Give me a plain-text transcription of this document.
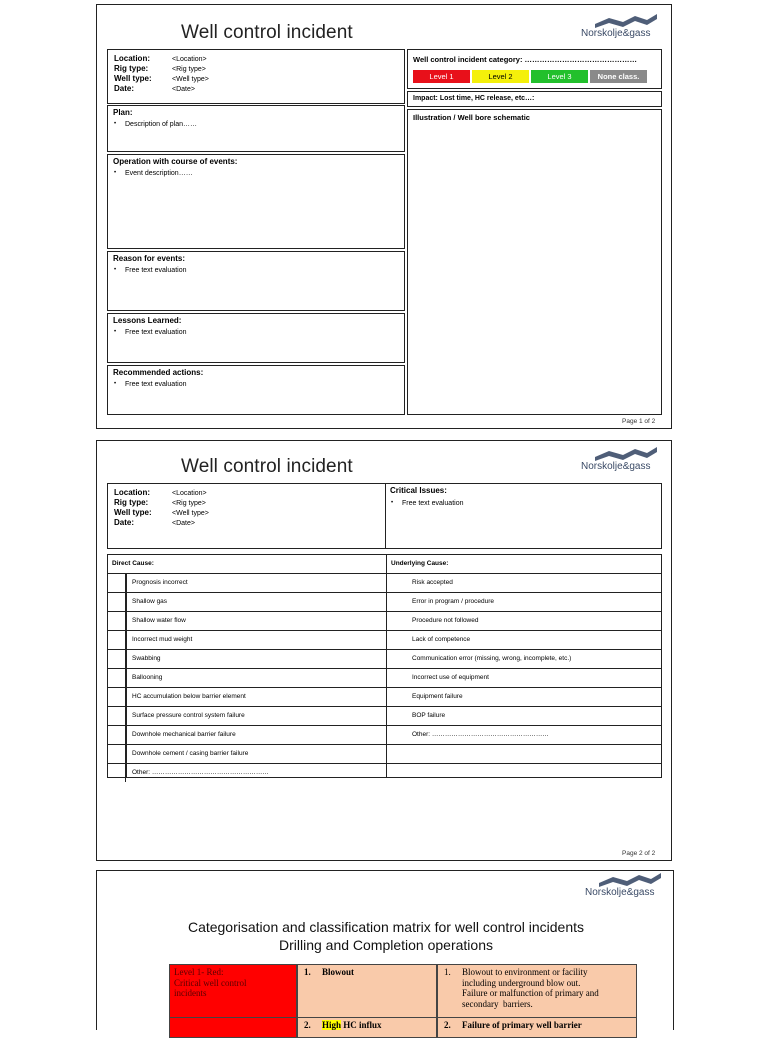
Well control incident	Norskolje&gass
Location:	<Location>
Rig type:	<Rig type>
Well type:	<Well type>
Date:	<Date>
Well control incident category: ………………………………………
Level 1	Level 2	Level 3	None class.
Impact: Lost time, HC release, etc…:
Illustration / Well bore schematic
Plan:
• Description of plan……
Operation with course of events:
• Event description……
Reason for events:
• Free text evaluation
Lessons Learned:
• Free text evaluation
Recommended actions:
• Free text evaluation
Page 1 of 2
Well control incident	Norskolje&gass
Location:	<Location>
Rig type:	<Rig type>
Well type:	<Well type>
Date:	<Date>
Critical Issues:
• Free text evaluation
Direct Cause:	Underlying Cause:
Prognosis incorrect	Risk accepted
Shallow gas	Error in program / procedure
Shallow water flow	Procedure not followed
Incorrect mud weight	Lack of competence
Swabbing	Communication error (missing, wrong, incomplete, etc.)
Ballooning	Incorrect use of equipment
HC accumulation below barrier element	Equipment failure
Surface pressure control system failure	BOP failure
Downhole mechanical barrier failure	Other: ………………………………………………
Downhole cement / casing barrier failure
Other: ………………………………………………
Page 2 of 2
Norskolje&gass
Categorisation and classification matrix for well control incidents
Drilling and Completion operations
Level 1- Red:
Critical well control
incidents
1. Blowout	1. Blowout to environment or facility
including underground blow out.
Failure or malfunction of primary and
secondary  barriers.
2. High HC influx	2. Failure of primary well barrier
